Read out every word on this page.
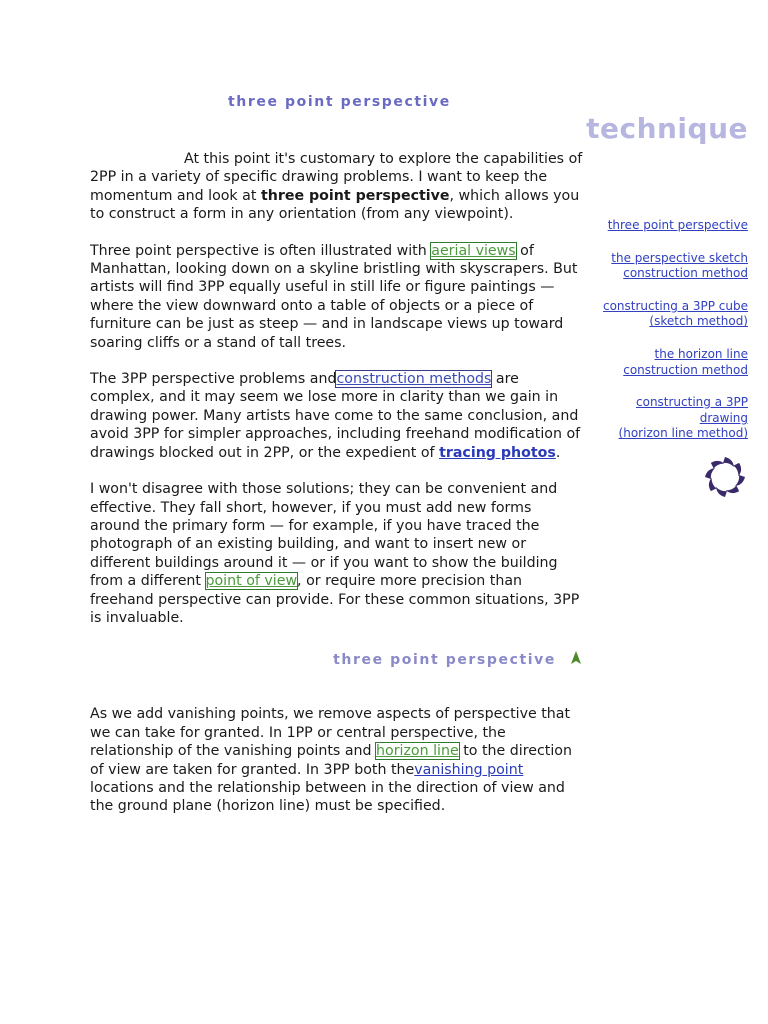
three point perspective
technique

At this point it's customary to explore the capabilities of 2PP in a variety of specific drawing problems. I want to keep the momentum and look at three point perspective, which allows you to construct a form in any orientation (from any viewpoint).

Three point perspective is often illustrated with aerial views of Manhattan, looking down on a skyline bristling with skyscrapers. But artists will find 3PP equally useful in still life or figure paintings — where the view downward onto a table of objects or a piece of furniture can be just as steep — and in landscape views up toward soaring cliffs or a stand of tall trees.

The 3PP perspective problems andconstruction methods are complex, and it may seem we lose more in clarity than we gain in drawing power. Many artists have come to the same conclusion, and avoid 3PP for simpler approaches, including freehand modification of drawings blocked out in 2PP, or the expedient of tracing photos.

I won't disagree with those solutions; they can be convenient and effective. They fall short, however, if you must add new forms around the primary form — for example, if you have traced the photograph of an existing building, and want to insert new or different buildings around it — or if you want to show the building from a different point of view, or require more precision than freehand perspective can provide. For these common situations, 3PP is invaluable.

three point perspective

As we add vanishing points, we remove aspects of perspective that we can take for granted. In 1PP or central perspective, the relationship of the vanishing points and horizon line to the direction of view are taken for granted. In 3PP both thevanishing point locations and the relationship between in the direction of view and the ground plane (horizon line) must be specified.

three point perspective
the perspective sketch
construction method
constructing a 3PP cube
(sketch method)
the horizon line
construction method
constructing a 3PP
drawing
(horizon line method)
